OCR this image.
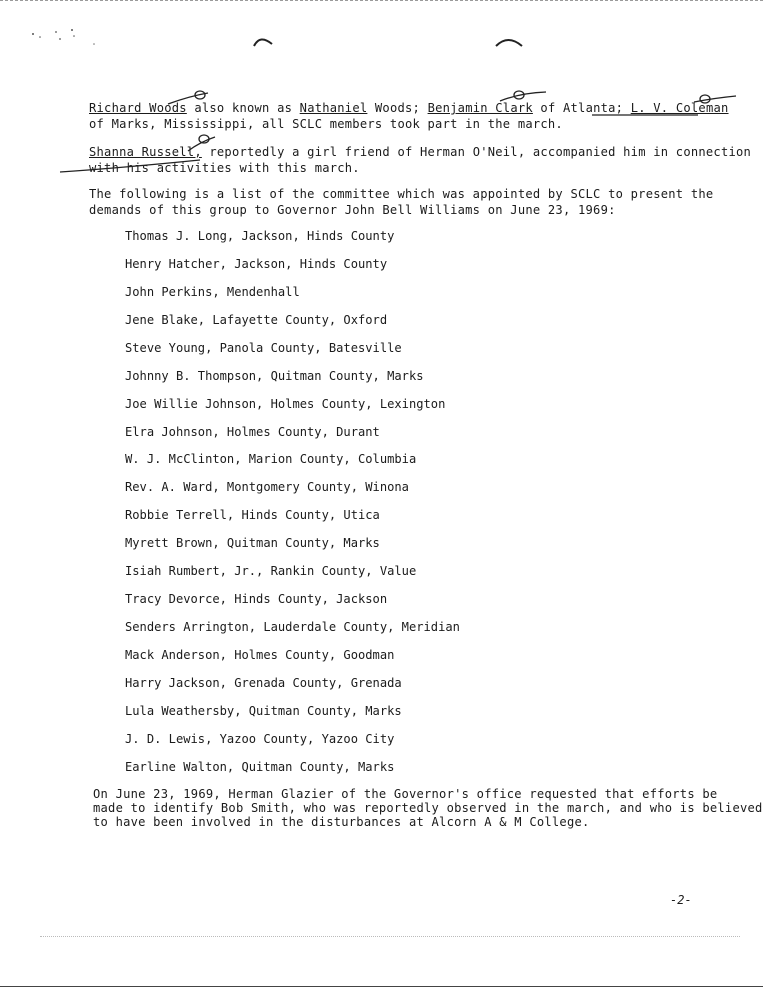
Richard Woods also known as Nathaniel Woods; Benjamin Clark of Atlanta; L. V. Coleman
of Marks, Mississippi, all SCLC members took part in the march.
Shanna Russell, reportedly a girl friend of Herman O'Neil, accompanied him in connection
with his activities with this march.
The following is a list of the committee which was appointed by SCLC to present the
demands of this group to Governor John Bell Williams on June 23, 1969:
Thomas J. Long, Jackson, Hinds County
Henry Hatcher, Jackson, Hinds County
John Perkins, Mendenhall
Jene Blake, Lafayette County, Oxford
Steve Young, Panola County, Batesville
Johnny B. Thompson, Quitman County, Marks
Joe Willie Johnson, Holmes County, Lexington
Elra Johnson, Holmes County, Durant
W. J. McClinton, Marion County, Columbia
Rev. A. Ward, Montgomery County, Winona
Robbie Terrell, Hinds County, Utica
Myrett Brown, Quitman County, Marks
Isiah Rumbert, Jr., Rankin County, Value
Tracy Devorce, Hinds County, Jackson
Senders Arrington, Lauderdale County, Meridian
Mack Anderson, Holmes County, Goodman
Harry Jackson, Grenada County, Grenada
Lula Weathersby, Quitman County, Marks
J. D. Lewis, Yazoo County, Yazoo City
Earline Walton, Quitman County, Marks
On June 23, 1969, Herman Glazier of the Governor's office requested that efforts be
made to identify Bob Smith, who was reportedly observed in the march, and who is believed
to have been involved in the disturbances at Alcorn A & M College.
-2-
